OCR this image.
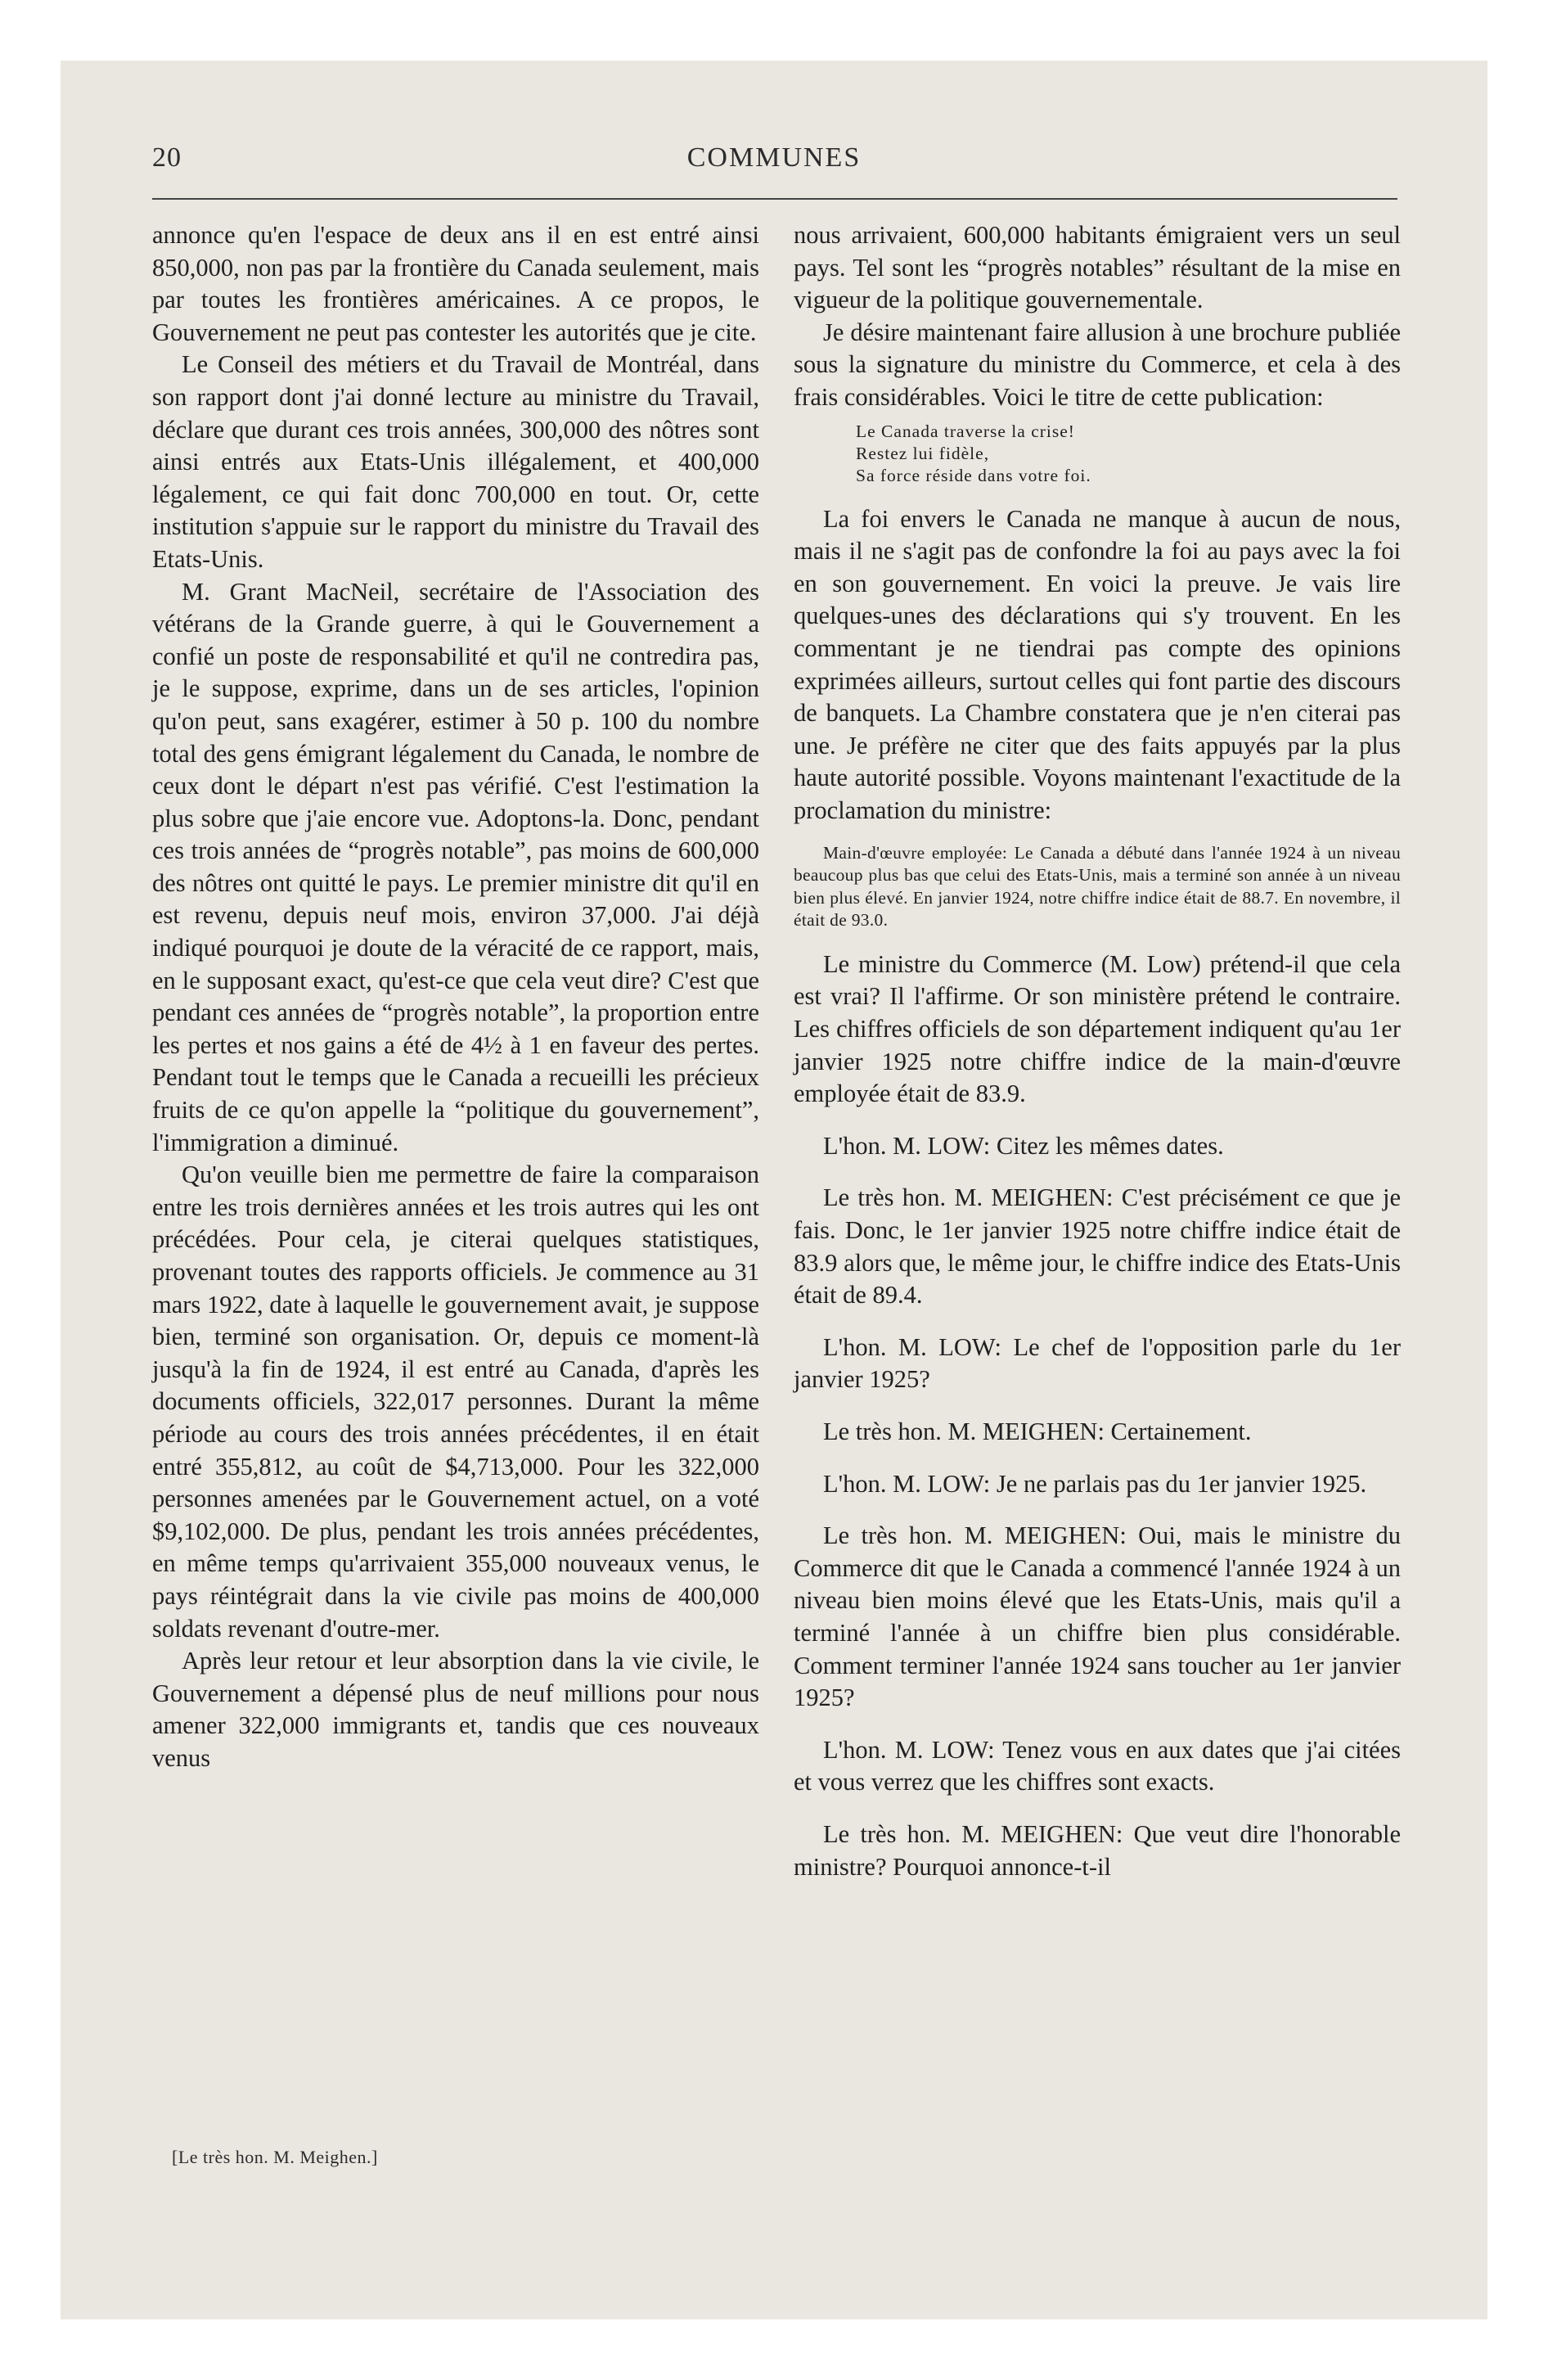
20	COMMUNES

annonce qu'en l'espace de deux ans il en est entré ainsi 850,000, non pas par la frontière du Canada seulement, mais par toutes les frontières américaines. A ce propos, le Gouvernement ne peut pas contester les autorités que je cite.

Le Conseil des métiers et du Travail de Montréal, dans son rapport dont j'ai donné lecture au ministre du Travail, déclare que durant ces trois années, 300,000 des nôtres sont ainsi entrés aux Etats-Unis illégalement, et 400,000 légalement, ce qui fait donc 700,000 en tout. Or, cette institution s'appuie sur le rapport du ministre du Travail des Etats-Unis.

M. Grant MacNeil, secrétaire de l'Association des vétérans de la Grande guerre, à qui le Gouvernement a confié un poste de responsabilité et qu'il ne contredira pas, je le suppose, exprime, dans un de ses articles, l'opinion qu'on peut, sans exagérer, estimer à 50 p. 100 du nombre total des gens émigrant légalement du Canada, le nombre de ceux dont le départ n'est pas vérifié. C'est l'estimation la plus sobre que j'aie encore vue. Adoptons-la. Donc, pendant ces trois années de “progrès notable”, pas moins de 600,000 des nôtres ont quitté le pays. Le premier ministre dit qu'il en est revenu, depuis neuf mois, environ 37,000. J'ai déjà indiqué pourquoi je doute de la véracité de ce rapport, mais, en le supposant exact, qu'est-ce que cela veut dire? C'est que pendant ces années de “progrès notable”, la proportion entre les pertes et nos gains a été de 4½ à 1 en faveur des pertes. Pendant tout le temps que le Canada a recueilli les précieux fruits de ce qu'on appelle la “politique du gouvernement”, l'immigration a diminué.

Qu'on veuille bien me permettre de faire la comparaison entre les trois dernières années et les trois autres qui les ont précédées. Pour cela, je citerai quelques statistiques, provenant toutes des rapports officiels. Je commence au 31 mars 1922, date à laquelle le gouvernement avait, je suppose bien, terminé son organisation. Or, depuis ce moment-là jusqu'à la fin de 1924, il est entré au Canada, d'après les documents officiels, 322,017 personnes. Durant la même période au cours des trois années précédentes, il en était entré 355,812, au coût de $4,713,000. Pour les 322,000 personnes amenées par le Gouvernement actuel, on a voté $9,102,000. De plus, pendant les trois années précédentes, en même temps qu'arrivaient 355,000 nouveaux venus, le pays réintégrait dans la vie civile pas moins de 400,000 soldats revenant d'outre-mer.

Après leur retour et leur absorption dans la vie civile, le Gouvernement a dépensé plus de neuf millions pour nous amener 322,000 immigrants et, tandis que ces nouveaux venus

nous arrivaient, 600,000 habitants émigraient vers un seul pays. Tel sont les “progrès notables” résultant de la mise en vigueur de la politique gouvernementale.

Je désire maintenant faire allusion à une brochure publiée sous la signature du ministre du Commerce, et cela à des frais considérables. Voici le titre de cette publication:

Le Canada traverse la crise!
Restez lui fidèle,
Sa force réside dans votre foi.

La foi envers le Canada ne manque à aucun de nous, mais il ne s'agit pas de confondre la foi au pays avec la foi en son gouvernement. En voici la preuve. Je vais lire quelques-unes des déclarations qui s'y trouvent. En les commentant je ne tiendrai pas compte des opinions exprimées ailleurs, surtout celles qui font partie des discours de banquets. La Chambre constatera que je n'en citerai pas une. Je préfère ne citer que des faits appuyés par la plus haute autorité possible. Voyons maintenant l'exactitude de la proclamation du ministre:

Main-d'œuvre employée: Le Canada a débuté dans l'année 1924 à un niveau beaucoup plus bas que celui des Etats-Unis, mais a terminé son année à un niveau bien plus élevé. En janvier 1924, notre chiffre indice était de 88.7. En novembre, il était de 93.0.

Le ministre du Commerce (M. Low) prétend-il que cela est vrai? Il l'affirme. Or son ministère prétend le contraire. Les chiffres officiels de son département indiquent qu'au 1er janvier 1925 notre chiffre indice de la main-d'œuvre employée était de 83.9.

L'hon. M. LOW: Citez les mêmes dates.

Le très hon. M. MEIGHEN: C'est précisément ce que je fais. Donc, le 1er janvier 1925 notre chiffre indice était de 83.9 alors que, le même jour, le chiffre indice des Etats-Unis était de 89.4.

L'hon. M. LOW: Le chef de l'opposition parle du 1er janvier 1925?

Le très hon. M. MEIGHEN: Certainement.

L'hon. M. LOW: Je ne parlais pas du 1er janvier 1925.

Le très hon. M. MEIGHEN: Oui, mais le ministre du Commerce dit que le Canada a commencé l'année 1924 à un niveau bien moins élevé que les Etats-Unis, mais qu'il a terminé l'année à un chiffre bien plus considérable. Comment terminer l'année 1924 sans toucher au 1er janvier 1925?

L'hon. M. LOW: Tenez vous en aux dates que j'ai citées et vous verrez que les chiffres sont exacts.

Le très hon. M. MEIGHEN: Que veut dire l'honorable ministre? Pourquoi annonce-t-il

[Le très hon. M. Meighen.]
